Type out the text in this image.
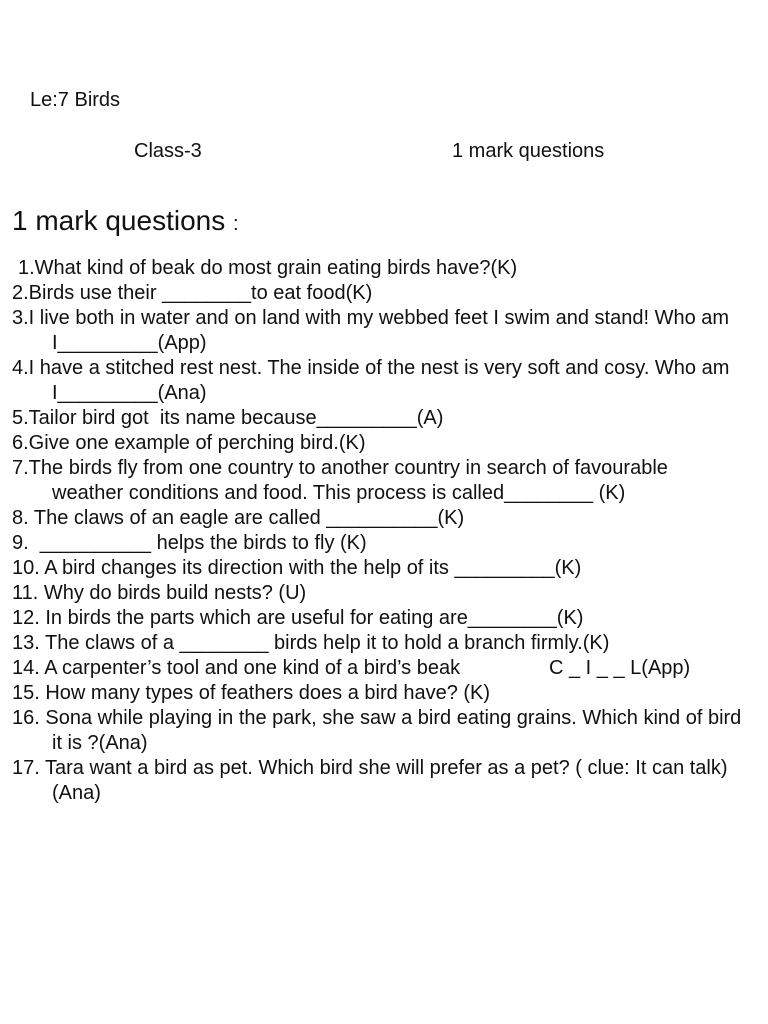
Le:7 Birds
Class-3	1 mark questions
1 mark questions :
1.What kind of beak do most grain eating birds have?(K)
2.Birds use their ________to eat food(K)
3.I live both in water and on land with my webbed feet I swim and stand! Who am I_________(App)
4.I have a stitched rest nest. The inside of the nest is very soft and cosy. Who am I_________(Ana)
5.Tailor bird got  its name because_________(A)
6.Give one example of perching bird.(K)
7.The birds fly from one country to another country in search of favourable weather conditions and food. This process is called________ (K)
8. The claws of an eagle are called __________(K)
9.  __________ helps the birds to fly (K)
10. A bird changes its direction with the help of its _________(K)
11. Why do birds build nests? (U)
12. In birds the parts which are useful for eating are________(K)
13. The claws of a ________ birds help it to hold a branch firmly.(K)
14. A carpenter’s tool and one kind of a bird’s beak                C _ I _ _ L(App)
15. How many types of feathers does a bird have? (K)
16. Sona while playing in the park, she saw a bird eating grains. Which kind of bird it is ?(Ana)
17. Tara want a bird as pet. Which bird she will prefer as a pet? ( clue: It can talk) (Ana)
